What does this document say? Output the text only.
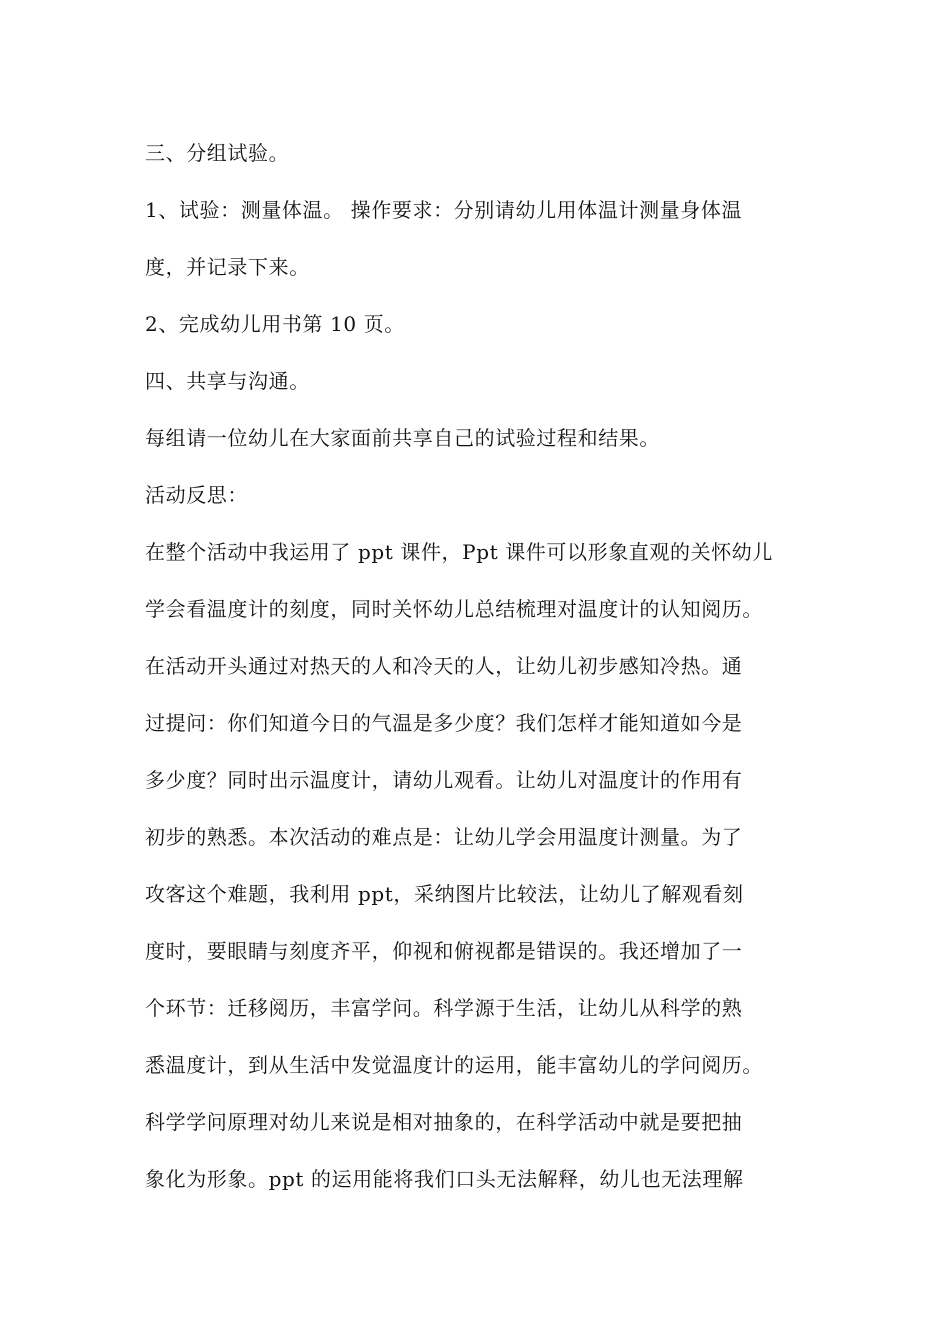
三、分组试验。
1、试验：测量体温。 操作要求：分别请幼儿用体温计测量身体温
度，并记录下来。
2、完成幼儿用书第 10 页。
四、共享与沟通。
每组请一位幼儿在大家面前共享自己的试验过程和结果。
活动反思：
在整个活动中我运用了 ppt 课件，Ppt 课件可以形象直观的关怀幼儿
学会看温度计的刻度，同时关怀幼儿总结梳理对温度计的认知阅历。
在活动开头通过对热天的人和冷天的人，让幼儿初步感知冷热。通
过提问：你们知道今日的气温是多少度？我们怎样才能知道如今是
多少度？同时出示温度计，请幼儿观看。让幼儿对温度计的作用有
初步的熟悉。本次活动的难点是：让幼儿学会用温度计测量。为了
攻客这个难题，我利用 ppt，采纳图片比较法，让幼儿了解观看刻
度时，要眼睛与刻度齐平，仰视和俯视都是错误的。我还增加了一
个环节：迁移阅历，丰富学问。科学源于生活，让幼儿从科学的熟
悉温度计，到从生活中发觉温度计的运用，能丰富幼儿的学问阅历。
科学学问原理对幼儿来说是相对抽象的，在科学活动中就是要把抽
象化为形象。ppt 的运用能将我们口头无法解释，幼儿也无法理解
